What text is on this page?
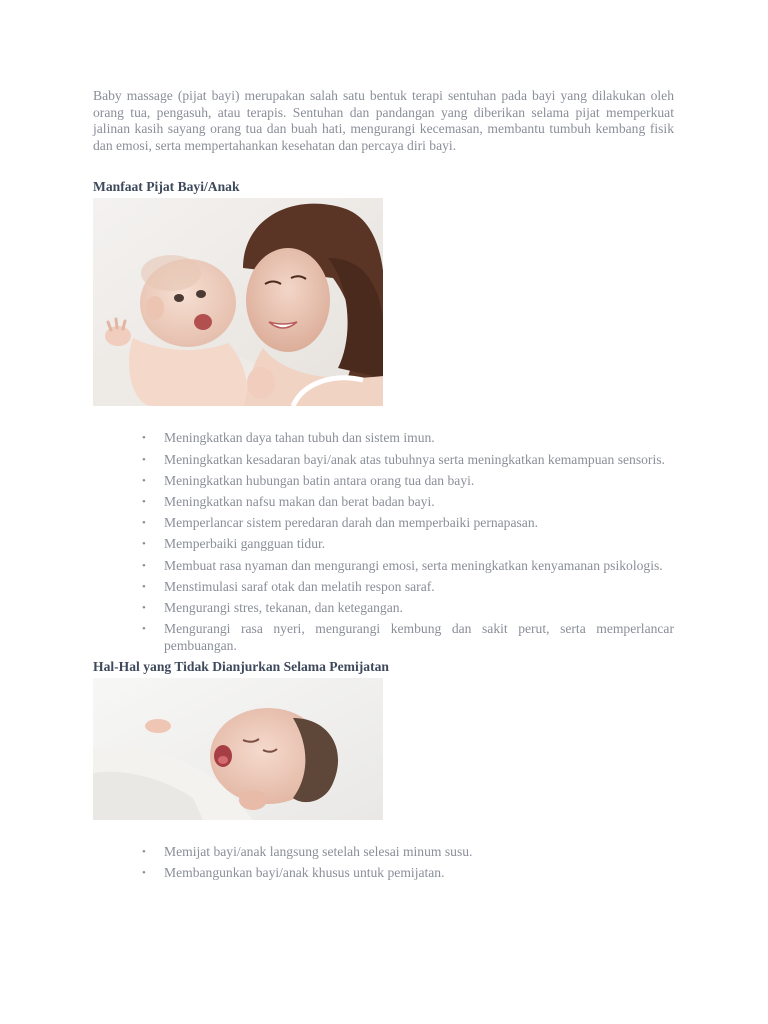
Baby massage (pijat bayi) merupakan salah satu bentuk terapi sentuhan pada bayi yang dilakukan oleh orang tua, pengasuh, atau terapis. Sentuhan dan pandangan yang diberikan selama pijat memperkuat jalinan kasih sayang orang tua dan buah hati, mengurangi kecemasan, membantu tumbuh kembang fisik dan emosi, serta mempertahankan kesehatan dan percaya diri bayi.

Manfaat Pijat Bayi/Anak
• Meningkatkan daya tahan tubuh dan sistem imun.
• Meningkatkan kesadaran bayi/anak atas tubuhnya serta meningkatkan kemampuan sensoris.
• Meningkatkan hubungan batin antara orang tua dan bayi.
• Meningkatkan nafsu makan dan berat badan bayi.
• Memperlancar sistem peredaran darah dan memperbaiki pernapasan.
• Memperbaiki gangguan tidur.
• Membuat rasa nyaman dan mengurangi emosi, serta meningkatkan kenyamanan psikologis.
• Menstimulasi saraf otak dan melatih respon saraf.
• Mengurangi stres, tekanan, dan ketegangan.
• Mengurangi rasa nyeri, mengurangi kembung dan sakit perut, serta memperlancar pembuangan.
Hal-Hal yang Tidak Dianjurkan Selama Pemijatan
• Memijat bayi/anak langsung setelah selesai minum susu.
• Membangunkan bayi/anak khusus untuk pemijatan.
